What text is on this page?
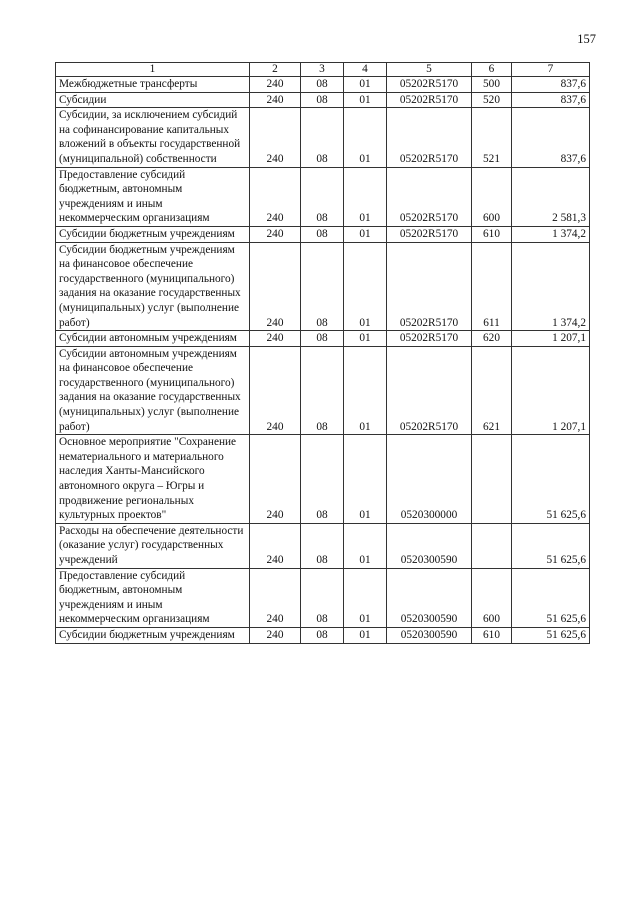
157
1	2	3	4	5	6	7
Межбюджетные трансферты	240	08	01	05202R5170	500	837,6
Субсидии	240	08	01	05202R5170	520	837,6
Субсидии, за исключением субсидий на софинансирование капитальных вложений в объекты государственной (муниципальной) собственности	240	08	01	05202R5170	521	837,6
Предоставление субсидий бюджетным, автономным учреждениям и иным некоммерческим организациям	240	08	01	05202R5170	600	2 581,3
Субсидии бюджетным учреждениям	240	08	01	05202R5170	610	1 374,2
Субсидии бюджетным учреждениям на финансовое обеспечение государственного (муниципального) задания на оказание государственных (муниципальных) услуг (выполнение работ)	240	08	01	05202R5170	611	1 374,2
Субсидии автономным учреждениям	240	08	01	05202R5170	620	1 207,1
Субсидии автономным учреждениям на финансовое обеспечение государственного (муниципального) задания на оказание государственных (муниципальных) услуг (выполнение работ)	240	08	01	05202R5170	621	1 207,1
Основное мероприятие "Сохранение нематериального и материального наследия Ханты-Мансийского автономного округа – Югры и продвижение региональных культурных проектов"	240	08	01	0520300000		51 625,6
Расходы на обеспечение деятельности (оказание услуг) государственных учреждений	240	08	01	0520300590		51 625,6
Предоставление субсидий бюджетным, автономным учреждениям и иным некоммерческим организациям	240	08	01	0520300590	600	51 625,6
Субсидии бюджетным учреждениям	240	08	01	0520300590	610	51 625,6
